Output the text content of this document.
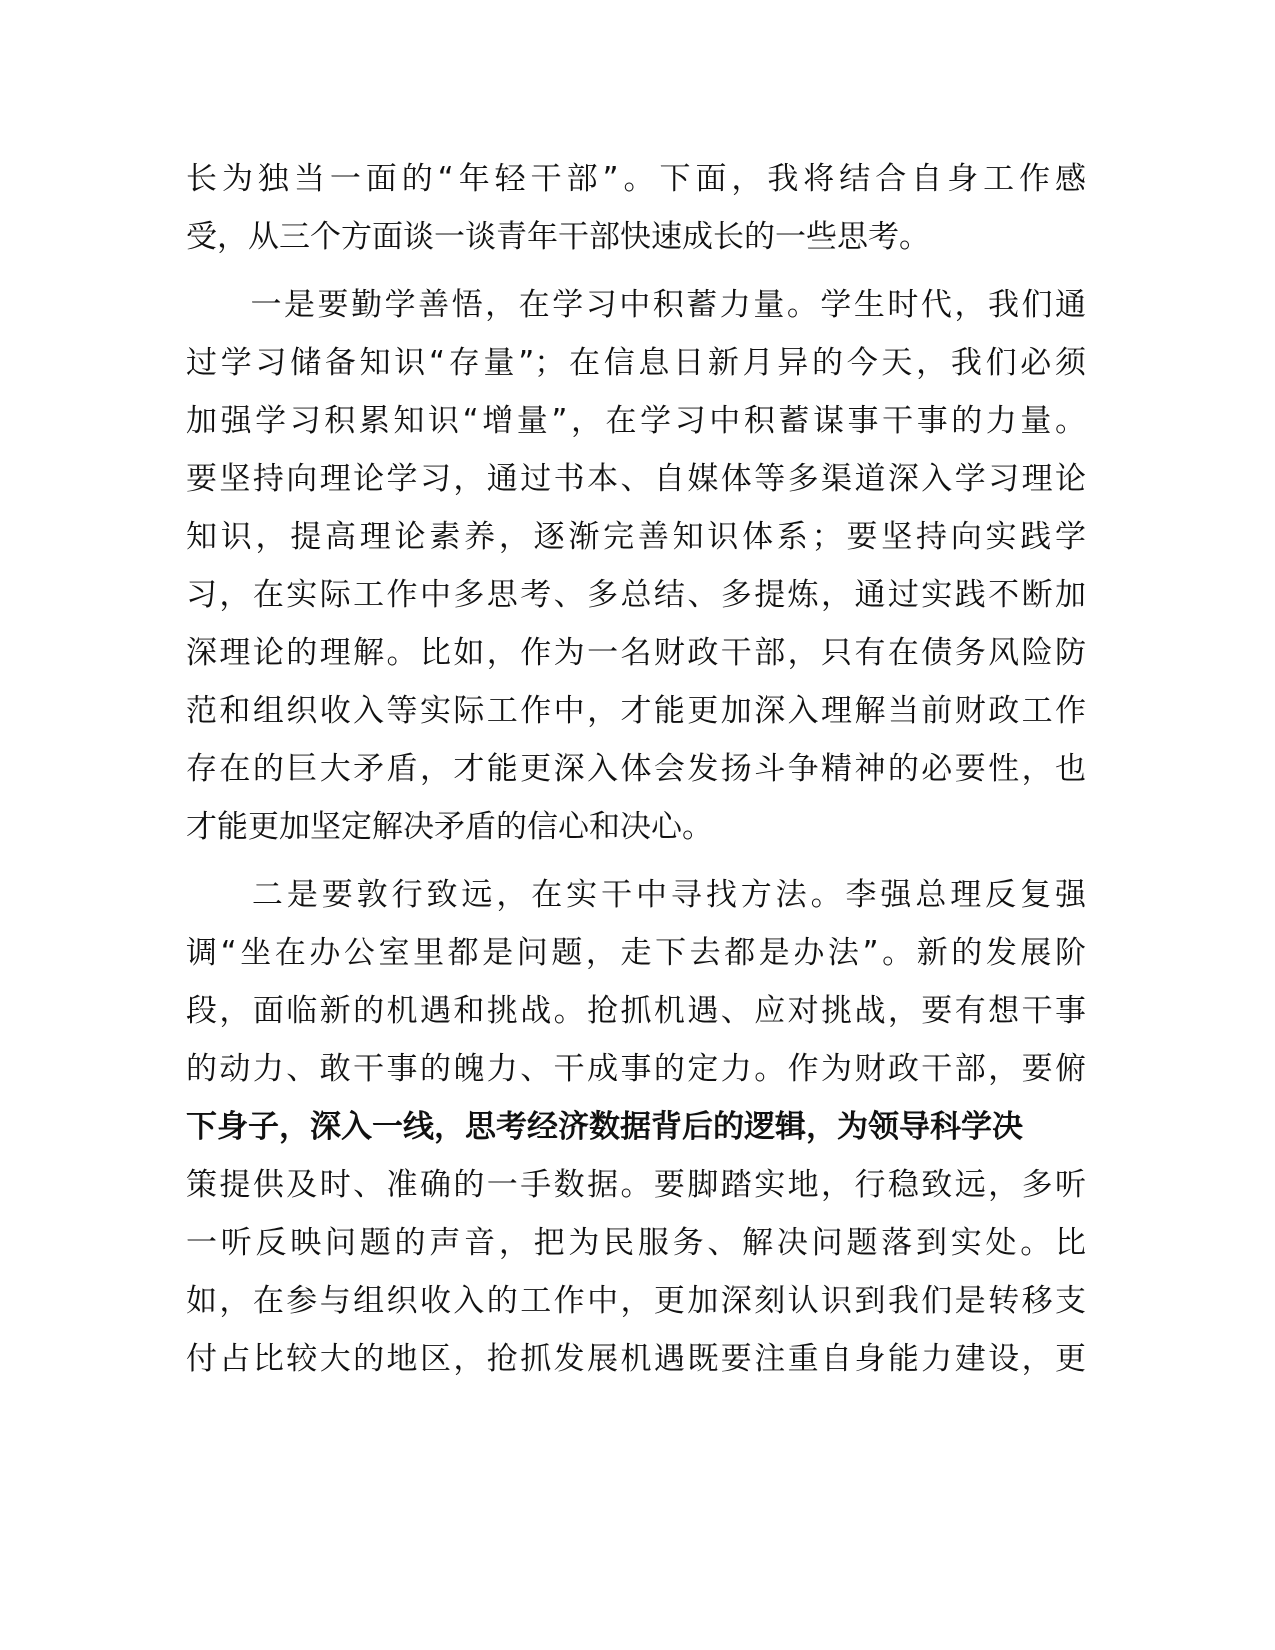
长为独当一面的“年轻干部”。下面，我将结合自身工作感
受，从三个方面谈一谈青年干部快速成长的一些思考。
一是要勤学善悟，在学习中积蓄力量。学生时代，我们通
过学习储备知识“存量”；在信息日新月异的今天，我们必须
加强学习积累知识“增量”，在学习中积蓄谋事干事的力量。
要坚持向理论学习，通过书本、自媒体等多渠道深入学习理论
知识，提高理论素养，逐渐完善知识体系；要坚持向实践学
习，在实际工作中多思考、多总结、多提炼，通过实践不断加
深理论的理解。比如，作为一名财政干部，只有在债务风险防
范和组织收入等实际工作中，才能更加深入理解当前财政工作
存在的巨大矛盾，才能更深入体会发扬斗争精神的必要性，也
才能更加坚定解决矛盾的信心和决心。
二是要敦行致远，在实干中寻找方法。李强总理反复强
调“坐在办公室里都是问题，走下去都是办法”。新的发展阶
段，面临新的机遇和挑战。抢抓机遇、应对挑战，要有想干事
的动力、敢干事的魄力、干成事的定力。作为财政干部，要俯
下身子，深入一线，思考经济数据背后的逻辑，为领导科学决
策提供及时、准确的一手数据。要脚踏实地，行稳致远，多听
一听反映问题的声音，把为民服务、解决问题落到实处。比
如，在参与组织收入的工作中，更加深刻认识到我们是转移支
付占比较大的地区，抢抓发展机遇既要注重自身能力建设，更
